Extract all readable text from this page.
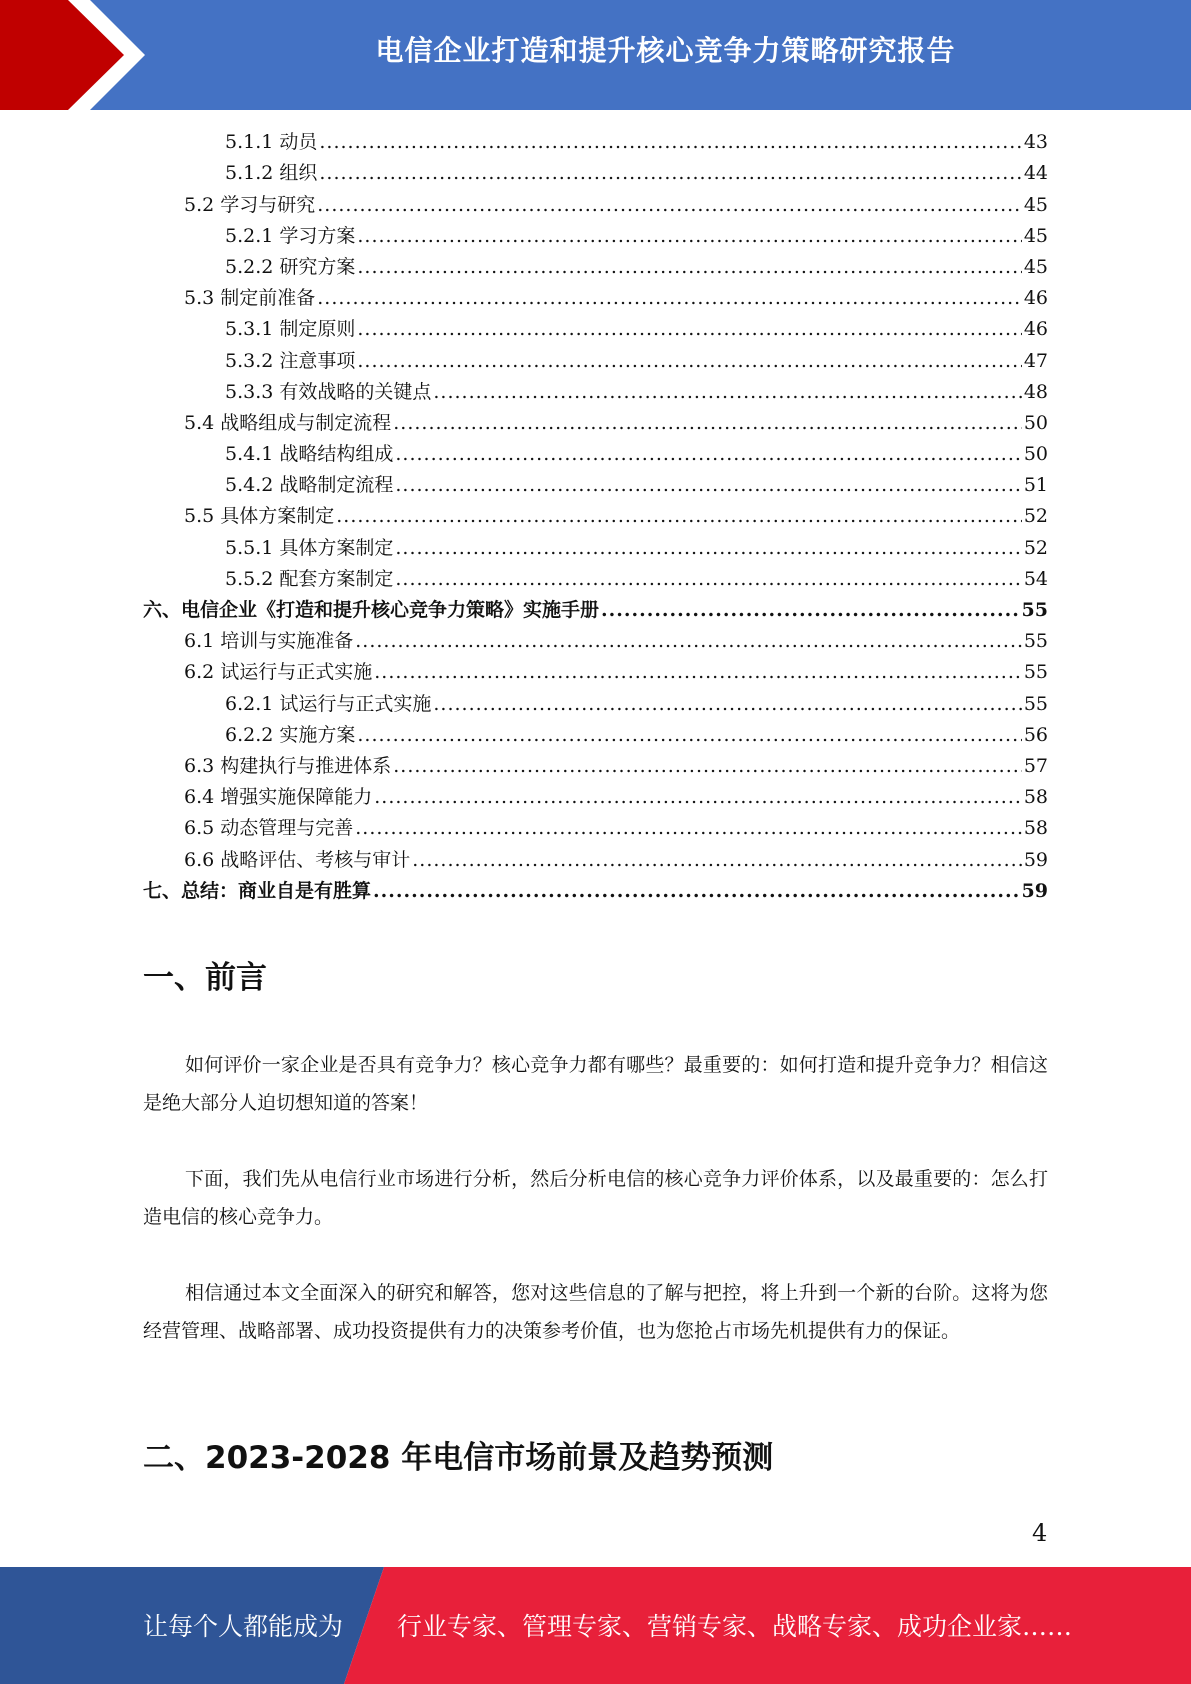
电信企业打造和提升核心竞争力策略研究报告
5.1.1 动员 .....	43
5.1.2 组织 .....	44
5.2 学习与研究 .....	45
5.2.1 学习方案 .....	45
5.2.2 研究方案 .....	45
5.3 制定前准备 .....	46
5.3.1 制定原则 .....	46
5.3.2 注意事项 .....	47
5.3.3 有效战略的关键点 .....	48
5.4 战略组成与制定流程 .....	50
5.4.1 战略结构组成 .....	50
5.4.2 战略制定流程 .....	51
5.5 具体方案制定 .....	52
5.5.1 具体方案制定 .....	52
5.5.2 配套方案制定 .....	54
六、电信企业《打造和提升核心竞争力策略》实施手册 .....	55
6.1 培训与实施准备 .....	55
6.2 试运行与正式实施 .....	55
6.2.1 试运行与正式实施 .....	55
6.2.2 实施方案 .....	56
6.3 构建执行与推进体系 .....	57
6.4 增强实施保障能力 .....	58
6.5 动态管理与完善 .....	58
6.6 战略评估、考核与审计 .....	59
七、总结：商业自是有胜算 .....	59
一、前言
如何评价一家企业是否具有竞争力？核心竞争力都有哪些？最重要的：如何打造和提升竞争力？相信这是绝大部分人迫切想知道的答案！
下面，我们先从电信行业市场进行分析，然后分析电信的核心竞争力评价体系，以及最重要的：怎么打造电信的核心竞争力。
相信通过本文全面深入的研究和解答，您对这些信息的了解与把控，将上升到一个新的台阶。这将为您经营管理、战略部署、成功投资提供有力的决策参考价值，也为您抢占市场先机提供有力的保证。
二、2023-2028 年电信市场前景及趋势预测
4
让每个人都能成为 行业专家、管理专家、营销专家、战略专家、成功企业家……
